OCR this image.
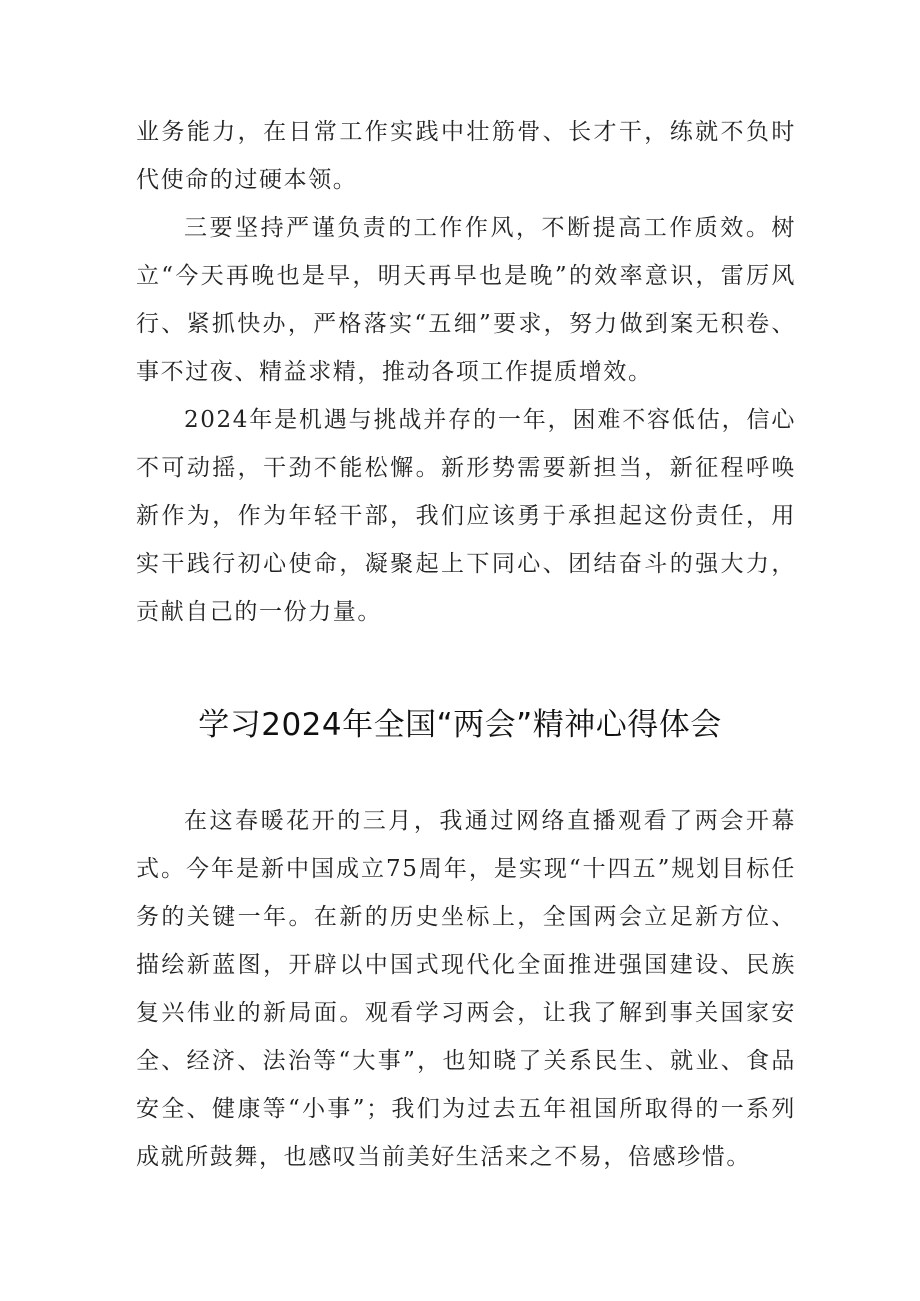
业务能力，在日常工作实践中壮筋骨、长才干，练就不负时代使命的过硬本领。

三要坚持严谨负责的工作作风，不断提高工作质效。树立“今天再晚也是早，明天再早也是晚”的效率意识，雷厉风行、紧抓快办，严格落实“五细”要求，努力做到案无积卷、事不过夜、精益求精，推动各项工作提质增效。

2024年是机遇与挑战并存的一年，困难不容低估，信心不可动摇，干劲不能松懈。新形势需要新担当，新征程呼唤新作为，作为年轻干部，我们应该勇于承担起这份责任，用实干践行初心使命，凝聚起上下同心、团结奋斗的强大力，贡献自己的一份力量。

学习2024年全国“两会”精神心得体会

在这春暖花开的三月，我通过网络直播观看了两会开幕式。今年是新中国成立75周年，是实现“十四五”规划目标任务的关键一年。在新的历史坐标上，全国两会立足新方位、描绘新蓝图，开辟以中国式现代化全面推进强国建设、民族复兴伟业的新局面。观看学习两会，让我了解到事关国家安全、经济、法治等“大事”，也知晓了关系民生、就业、食品安全、健康等“小事”；我们为过去五年祖国所取得的一系列成就所鼓舞，也感叹当前美好生活来之不易，倍感珍惜。
